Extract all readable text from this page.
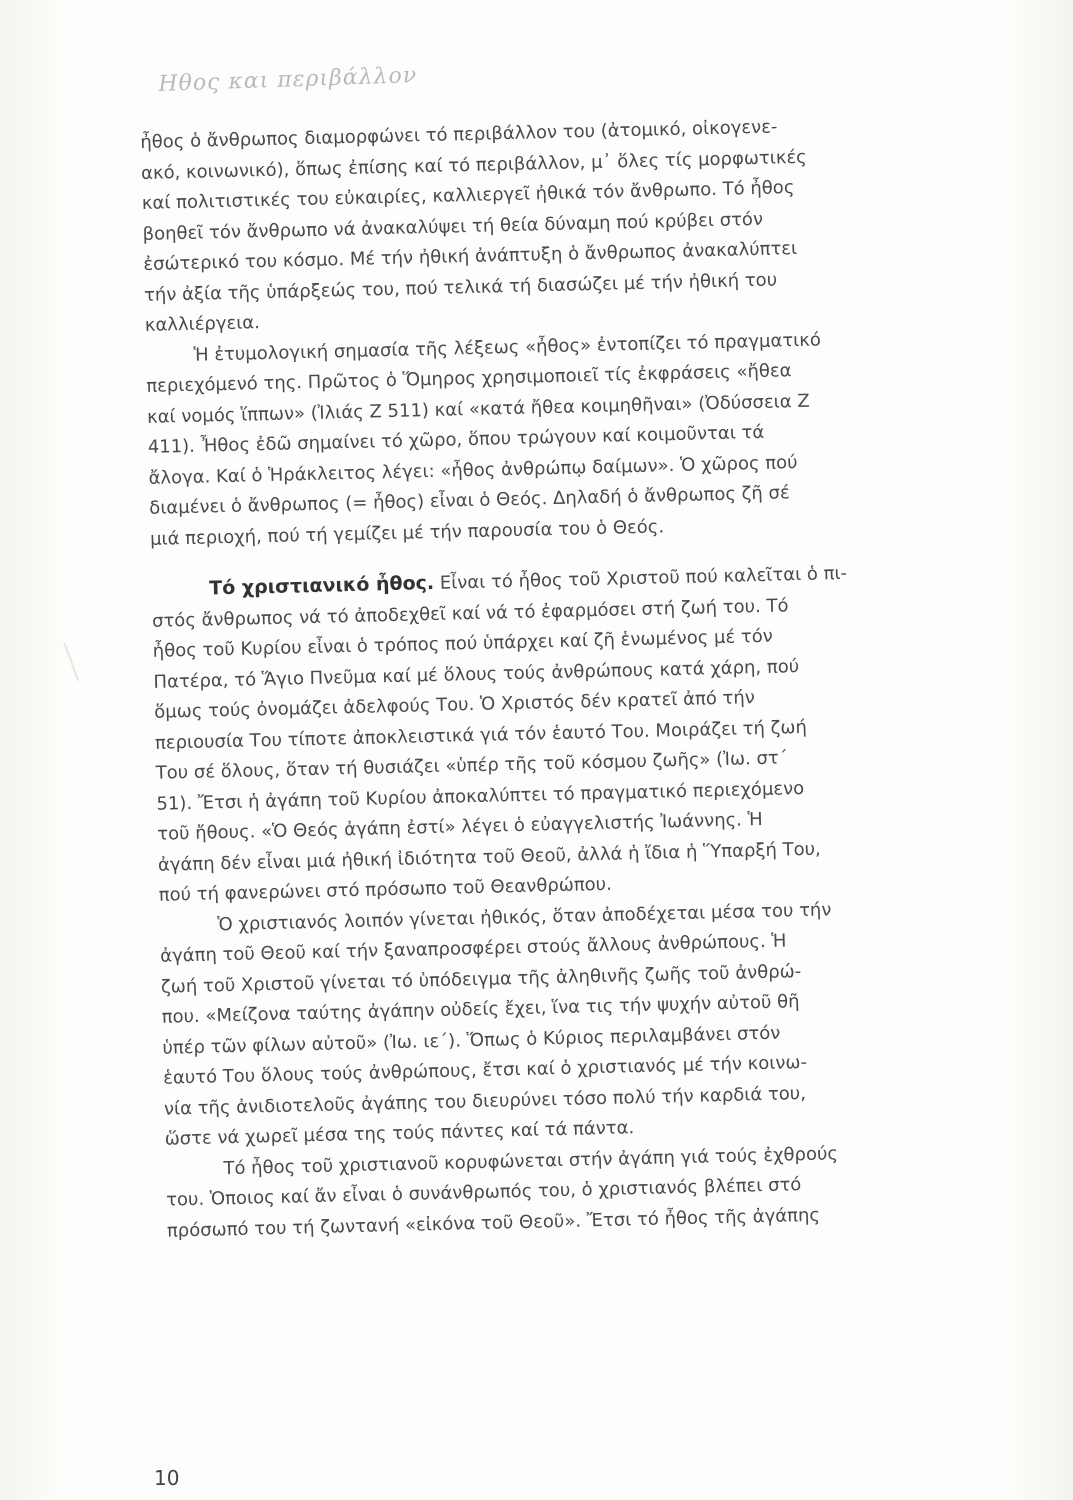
Ηθος και περιβάλλον
ἦθος ὁ ἄνθρωπος διαμορφώνει τό περιβάλλον του (ἀτομικό, οἰκογενε-
ακό, κοινωνικό), ὅπως ἐπίσης καί τό περιβάλλον, μ᾽ ὅλες τίς μορφωτικές
καί πολιτιστικές του εὐκαιρίες, καλλιεργεῖ ἠθικά τόν ἄνθρωπο. Τό ἦθος
βοηθεῖ τόν ἄνθρωπο νά ἀνακαλύψει τή θεία δύναμη πού κρύβει στόν
ἐσώτερικό του κόσμο. Μέ τήν ἠθική ἀνάπτυξη ὁ ἄνθρωπος ἀνακαλύπτει
τήν ἀξία τῆς ὑπάρξεώς του, πού τελικά τή διασώζει μέ τήν ἠθική του
καλλιέργεια.
Ἡ ἐτυμολογική σημασία τῆς λέξεως «ἦθος» ἐντοπίζει τό πραγματικό
περιεχόμενό της. Πρῶτος ὁ Ὅμηρος χρησιμοποιεῖ τίς ἐκφράσεις «ἤθεα
καί νομός ἵππων» (Ἰλιάς Ζ 511) καί «κατά ἤθεα κοιμηθῆναι» (Ὀδύσσεια Ζ
411). Ἦθος ἐδῶ σημαίνει τό χῶρο, ὅπου τρώγουν καί κοιμοῦνται τά
ἄλογα. Καί ὁ Ἡράκλειτος λέγει: «ἦθος ἀνθρώπῳ δαίμων». Ὁ χῶρος πού
διαμένει ὁ ἄνθρωπος (= ἦθος) εἶναι ὁ Θεός. Δηλαδή ὁ ἄνθρωπος ζῆ σέ
μιά περιοχή, πού τή γεμίζει μέ τήν παρουσία του ὁ Θεός.
Τό χριστιανικό ἦθος. Εἶναι τό ἦθος τοῦ Χριστοῦ πού καλεῖται ὁ πι-
στός ἄνθρωπος νά τό ἀποδεχθεῖ καί νά τό ἐφαρμόσει στή ζωή του. Τό
ἦθος τοῦ Κυρίου εἶναι ὁ τρόπος πού ὑπάρχει καί ζῆ ἑνωμένος μέ τόν
Πατέρα, τό Ἅγιο Πνεῦμα καί μέ ὅλους τούς ἀνθρώπους κατά χάρη, πού
ὅμως τούς ὀνομάζει ἀδελφούς Του. Ὁ Χριστός δέν κρατεῖ ἀπό τήν
περιουσία Του τίποτε ἀποκλειστικά γιά τόν ἑαυτό Του. Μοιράζει τή ζωή
Του σέ ὅλους, ὅταν τή θυσιάζει «ὑπέρ τῆς τοῦ κόσμου ζωῆς» (Ἰω. στ´
51). Ἔτσι ἡ ἀγάπη τοῦ Κυρίου ἀποκαλύπτει τό πραγματικό περιεχόμενο
τοῦ ἤθους. «Ὁ Θεός ἀγάπη ἐστί» λέγει ὁ εὐαγγελιστής Ἰωάννης. Ἡ
ἀγάπη δέν εἶναι μιά ἠθική ἰδιότητα τοῦ Θεοῦ, ἀλλά ἡ ἴδια ἡ Ὕπαρξή Του,
πού τή φανερώνει στό πρόσωπο τοῦ Θεανθρώπου.
Ὁ χριστιανός λοιπόν γίνεται ἠθικός, ὅταν ἀποδέχεται μέσα του τήν
ἀγάπη τοῦ Θεοῦ καί τήν ξαναπροσφέρει στούς ἄλλους ἀνθρώπους. Ἡ
ζωή τοῦ Χριστοῦ γίνεται τό ὑπόδειγμα τῆς ἀληθινῆς ζωῆς τοῦ ἀνθρώ-
που. «Μείζονα ταύτης ἀγάπην οὐδείς ἔχει, ἵνα τις τήν ψυχήν αὐτοῦ θῆ
ὑπέρ τῶν φίλων αὐτοῦ» (Ἰω. ιε´). Ὅπως ὁ Κύριος περιλαμβάνει στόν
ἑαυτό Του ὅλους τούς ἀνθρώπους, ἔτσι καί ὁ χριστιανός μέ τήν κοινω-
νία τῆς ἀνιδιοτελοῦς ἀγάπης του διευρύνει τόσο πολύ τήν καρδιά του,
ὥστε νά χωρεῖ μέσα της τούς πάντες καί τά πάντα.
Τό ἦθος τοῦ χριστιανοῦ κορυφώνεται στήν ἀγάπη γιά τούς ἐχθρούς
του. Ὁποιος καί ἄν εἶναι ὁ συνάνθρωπός του, ὁ χριστιανός βλέπει στό
πρόσωπό του τή ζωντανή «εἰκόνα τοῦ Θεοῦ». Ἔτσι τό ἦθος τῆς ἀγάπης
10
